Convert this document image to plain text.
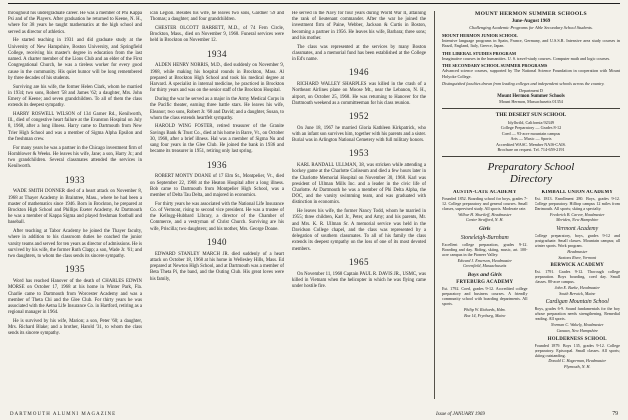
throughout his undergraduate career. He was a member of Phi Kappa Psi and of the Players. After graduation he returned to Keene, N. H., where for 38 years he taught mathematics at the high school and served as director of athletics.

He started teaching in 1931 and did graduate study at the University of New Hampshire, Boston University, and Springfield College, receiving his master's degree in education from the last named. A charter member of the Lions Club and an elder of the First Congregational Church, he was a tireless worker for every good cause in the community. His quiet humor will be long remembered by three decades of his students.

Surviving are his wife, the former Helen Clark, whom he married in 1934; two sons, Robert '58 and James '62; a daughter, Mrs. John Emery of Keene; and seven grandchildren. To all of them the class extends its deepest sympathy.

HARRY ROSWELL WILSON of 134 Garner Rd., Kenilworth, Ill., died of congestive heart failure at the Evanston Hospital on July 8, 1968, after a long illness. Harry came to Dartmouth from New Trier High School and was a member of Sigma Alpha Epsilon and the freshman crew.

For many years he was a partner in the Chicago investment firm of Hornblower & Weeks. He leaves his wife, Jane; a son, Harry Jr.; and two grandchildren. Several classmates attended the services in Kenilworth.

1933

WADE SMITH DONNER died of a heart attack on November 8, 1968 at Thayer Academy in Braintree, Mass., where he had been a master of mathematics since 1946. Born in Brockton, he prepared at Brockton High School and Phillips Exeter Academy. At Dartmouth he was a member of Kappa Sigma and played freshman football and baseball.

After teaching at Tabor Academy he joined the Thayer faculty, where in addition to his classroom duties he coached the junior varsity teams and served for ten years as director of admissions. He is survived by his wife, the former Ruth Clapp; a son, Wade Jr. '61; and two daughters, to whom the class sends its sincere sympathy.

1935

Word has reached Hanover of the death of CHARLES EDWIN MORSE on October 17, 1968 at his home in Winter Park, Fla. Charlie came to Dartmouth from Worcester Academy and was a member of Theta Chi and the Glee Club. For thirty years he was associated with the Aetna Life Insurance Co. in Hartford, retiring as a regional manager in 1964.

He is survived by his wife, Marion; a son, Peter '60; a daughter, Mrs. Richard Blake; and a brother, Harold '31, to whom the class sends its sincere sympathy.

ican Legion. Besides his wife, he leaves two sons, Gardner '59 and Thomas; a daughter; and four grandchildren.

CHESTER OLCOTT BARRETT, M.D., of 74 Fern Circle, Brockton, Mass., died on November 9, 1968. Funeral services were held in Brockton on November 12.

1934

ALDEN HENRY NORRIS, M.D., died suddenly on November 9, 1968, while making his hospital rounds in Brockton, Mass. Al prepared at Brockton High School and took his medical degree at Harvard. A specialist in internal medicine, he practiced in Brockton for thirty years and was on the senior staff of the Brockton Hospital.

During the war he served as a major in the Army Medical Corps in the Pacific theater, earning three battle stars. He leaves his wife, Eleanor; two sons, Robert Jr. '60 and David; and a daughter, Susan, to whom the class extends heartfelt sympathy.

HAROLD WING FOSTER, retired treasurer of the Granite Savings Bank & Trust Co., died at his home in Barre, Vt., on October 30, 1968, after a brief illness. Hal was a member of Sigma Nu and sang four years in the Glee Club. He joined the bank in 1936 and became its treasurer in 1951, retiring only last spring.

1936

ROBERT MONTY DOANE of 17 Elm St., Montpelier, Vt., died on September 22, 1968 at the Heaton Hospital after a long illness. Bob came to Dartmouth from Montpelier High School, was a member of Delta Tau Delta, and majored in economics.

For thirty years he was associated with the National Life Insurance Co. of Vermont, rising to second vice president. He was a trustee of the Kellogg-Hubbard Library, a director of the Chamber of Commerce, and a vestryman of Christ Church. Surviving are his wife, Priscilla; two daughters; and his mother, Mrs. George Doane.

1940

EDWARD STANLEY MARCH JR. died suddenly of a heart attack on October 18, 1968 at his home in Wellesley Hills, Mass. Ed prepared at Newton High School, and at Dartmouth was a member of Beta Theta Pi, the band, and the Outing Club. His great loves were his family,

He served in the Navy for four years during World War II, attaining the rank of lieutenant commander. After the war he joined the investment firm of Paine, Webber, Jackson & Curtis in Boston, becoming a partner in 1956. He leaves his wife, Barbara; three sons; and his mother.

The class was represented at the services by many Boston classmates, and a memorial fund has been established at the College in Ed's name.

1946

RICHARD WALLEY SHARPLES was killed in the crash of a Northeast Airlines plane on Moose Mt., near the Lebanon, N. H., airport, on October 25, 1968. He was returning to Hanover for the Dartmouth weekend as a committeeman for his class reunion.

1952

On June 18, 1967 he married Gloria Kathleen Kirkpatrick, who with an infant son survives him, together with his parents and a sister. Burial was in Arlington National Cemetery with full military honors.

1953

KARL RANDALL ULLMAN, 38, was stricken while attending a hockey game at the Charlotte Coliseum and died a few hours later in the Charlotte Memorial Hospital on November 30, 1968. Karl was president of Ullman Mills Inc. and a leader in the civic life of Charlotte. At Dartmouth he was a member of Phi Delta Alpha, the DOC, and the varsity swimming team, and was graduated with distinction in economics.

He leaves his wife, the former Nancy Todd, whom he married in 1955; three children, Karl Jr., Peter, and Amy; and his parents, Mr. and Mrs. K. R. Ullman Sr. A memorial service was held in the Davidson College chapel, and the class was represented by a delegation of southern classmates. To all of his family the class extends its deepest sympathy on the loss of one of its most devoted members.

1965

On November 11, 1968 Captain PAUL R. DAVIS JR., USMC, was killed in Vietnam when the helicopter in which he was flying came under hostile fire.

MOUNT HERMON SUMMER SCHOOLS
June-August 1969
Challenging Academic Programs for Able Secondary School Students.
MOUNT HERMON JUNIOR SCHOOL
Intensive language programs in Spain, France, Germany, and U.S.S.R. Intensive area study courses in Brazil, England, Italy, Greece, Japan.
THE LIBERAL STUDIES PROGRAM
Imaginative courses in the humanities. U. S. travel-study courses. Computer math and logic courses.
THE SECONDARY SCHOOL SUMMER PROGRAMS
Advanced science courses, supported by The National Science Foundation in cooperation with Mount Holyoke College.
Distinguished faculties drawn from leading colleges and independent schools across the country.
Department D
Mount Hermon Summer Schools
Mount Hermon, Massachusetts 01354
THE DESERT SUN SCHOOL
Idyllwild, California 92349
College Preparatory — Grades 8-12
Coed — 93-acre mountain campus
Arts — Music — Sports
Accredited WASC. Member NAIS-CAIS.
Brochure on request. Tel. 714-659-2191
Preparatory School Directory
AUSTIN-CATE ACADEMY
Founded 1852. Boarding school for boys, grades 7-12. College preparatory and general courses. Small classes, supervised study. All sports. Moderate rate.
Wilbur H. Shurtleff, Headmaster
Center Strafford, N. H.
Girls
Stoneleigh-Burnham
Excellent college preparation, grades 9-12. Boarding and day. Riding, skiing, music, art. 100-acre campus in the Pioneer Valley.
Edward J. Emerson, Headmaster
Greenfield, Massachusetts
Boys and Girls
FRYEBURG ACADEMY
Est. 1792. Coed, grades 9-12. Accredited college preparatory and business courses. A friendly community school with boarding departments. All sports.
Philip W. Richards, Hdm.
Box 14, Fryeburg, Maine
KIMBALL UNION ACADEMY
Est. 1813. Enrollment 280. Boys, grades 9-12. College preparatory. Hilltop campus 12 miles from Dartmouth. All sports; skiing a specialty.
Frederick B. Carver, Headmaster
Meriden, New Hampshire
Vermont Academy
College preparatory, boys, grades 9-12 and postgraduate. Small classes. Mountain campus; all winter sports. Work program.
Headmaster
Saxtons River, Vermont
BERWICK ACADEMY
Est. 1791. Grades 9-12. Thorough college preparation. Boys boarding, coed day. Small classes. 80-acre campus.
John E. Burke, Headmaster
South Berwick, Maine
Cardigan Mountain School
Boys, grades 6-9. Sound fundamentals for the boy whose preparation needs strengthening. Remedial reading. All sports.
Norman C. Wakely, Headmaster
Canaan, New Hampshire
HOLDERNESS SCHOOL
Founded 1879. Boys 135, grades 9-12. College preparatory. Episcopal. Small classes. All sports; skiing outstanding.
Donald C. Hagerman, Headmaster
Plymouth, N. H.
DARTMOUTH ALUMNI MAGAZINE	Issue of JANUARY 1969	79
